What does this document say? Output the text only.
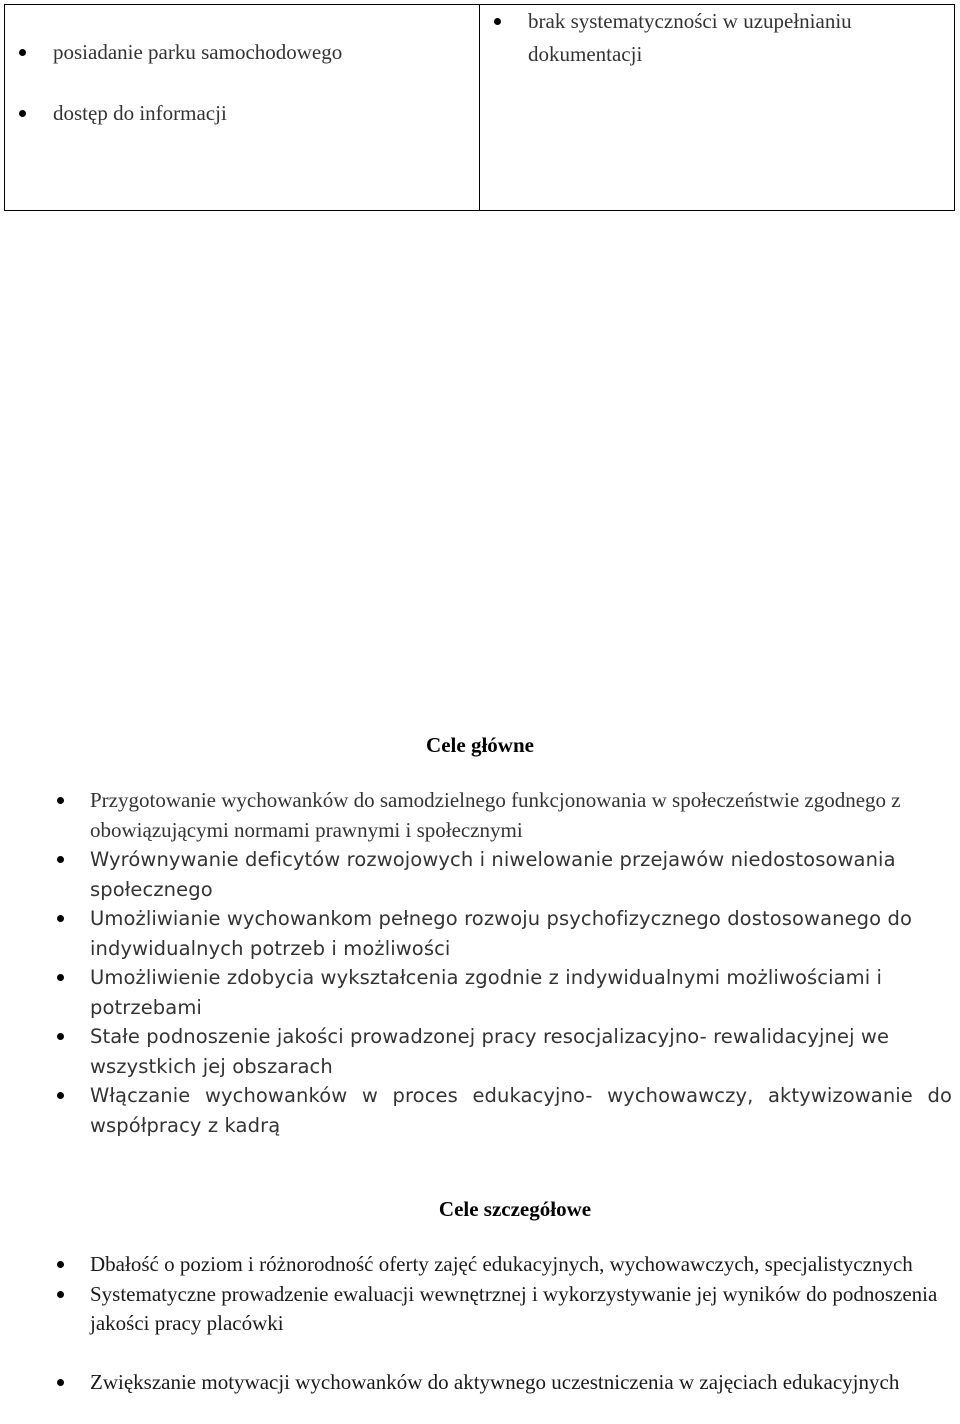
posiadanie parku samochodowego
dostęp do informacji
brak systematyczności w uzupełnianiu dokumentacji
Cele główne
Przygotowanie wychowanków do samodzielnego funkcjonowania w społeczeństwie zgodnego z obowiązującymi normami prawnymi i społecznymi
Wyrównywanie deficytów rozwojowych i niwelowanie przejawów niedostosowania społecznego
Umożliwianie wychowankom pełnego rozwoju psychofizycznego dostosowanego do indywidualnych potrzeb i możliwości
Umożliwienie zdobycia wykształcenia zgodnie z indywidualnymi możliwościami i potrzebami
Stałe podnoszenie jakości prowadzonej pracy resocjalizacyjno- rewalidacyjnej we wszystkich jej obszarach
Włączanie wychowanków w proces edukacyjno- wychowawczy, aktywizowanie do współpracy z kadrą
Cele szczegółowe
Dbałość o poziom i różnorodność oferty zajęć edukacyjnych, wychowawczych, specjalistycznych
Systematyczne prowadzenie ewaluacji wewnętrznej i wykorzystywanie jej wyników do podnoszenia jakości pracy placówki
Zwiększanie motywacji wychowanków do aktywnego uczestniczenia w zajęciach edukacyjnych
